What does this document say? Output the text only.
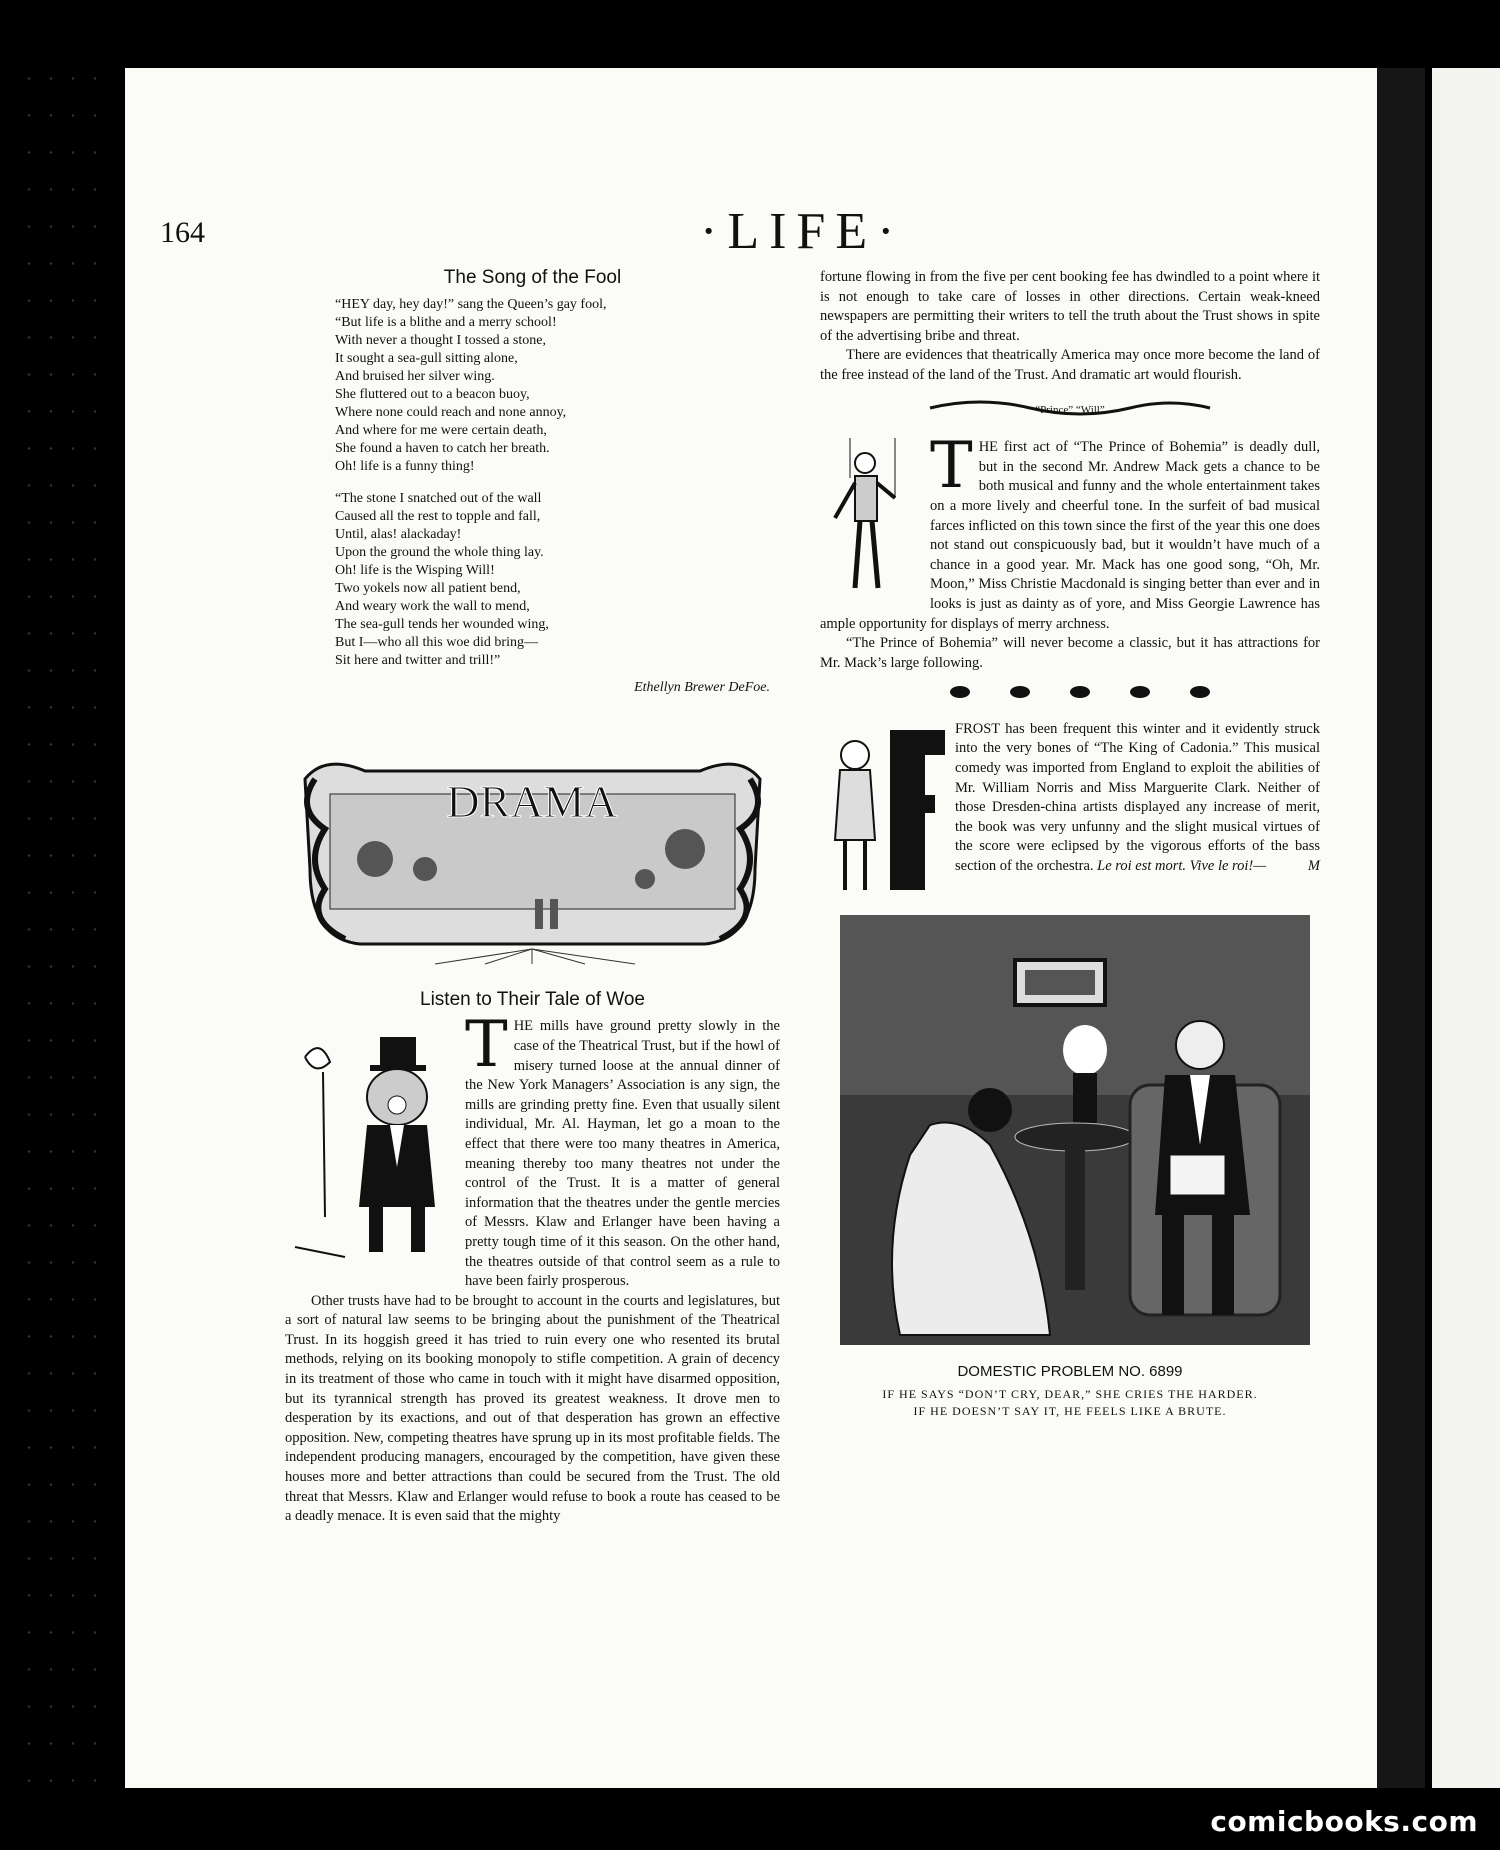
164	·LIFE·
The Song of the Fool

“HEY day, hey day!” sang the Queen’s gay fool,
“But life is a blithe and a merry school!
With never a thought I tossed a stone,
It sought a sea-gull sitting alone,
And bruised her silver wing.
She fluttered out to a beacon buoy,
Where none could reach and none annoy,
And where for me were certain death,
She found a haven to catch her breath.
Oh! life is a funny thing!

“The stone I snatched out of the wall
Caused all the rest to topple and fall,
Until, alas! alackaday!
Upon the ground the whole thing lay.
Oh! life is the Wisping Will!
Two yokels now all patient bend,
And weary work the wall to mend,
The sea-gull tends her wounded wing,
But I—who all this woe did bring—
Sit here and twitter and trill!”

Ethellyn Brewer DeFoe.

DRAMA
Listen to Their Tale of Woe

THE mills have ground pretty slowly in the case of the Theatrical Trust, but if the howl of misery turned loose at the annual dinner of the New York Managers’ Association is any sign, the mills are grinding pretty fine. Even that usually silent individual, Mr. Al. Hayman, let go a moan to the effect that there were too many theatres in America, meaning thereby too many theatres not under the control of the Trust. It is a matter of general information that the theatres under the gentle mercies of Messrs. Klaw and Erlanger have been having a pretty tough time of it this season. On the other hand, the theatres outside of that control seem as a rule to have been fairly prosperous.

Other trusts have had to be brought to account in the courts and legislatures, but a sort of natural law seems to be bringing about the punishment of the Theatrical Trust. In its hoggish greed it has tried to ruin every one who resented its brutal methods, relying on its booking monopoly to stifle competition. A grain of decency in its treatment of those who came in touch with it might have disarmed opposition, but its tyrannical strength has proved its greatest weakness. It drove men to desperation by its exactions, and out of that desperation has grown an effective opposition. New, competing theatres have sprung up in its most profitable fields. The independent producing managers, encouraged by the competition, have given these houses more and better attractions than could be secured from the Trust. The old threat that Messrs. Klaw and Erlanger would refuse to book a route has ceased to be a deadly menace. It is even said that the mighty

fortune flowing in from the five per cent booking fee has dwindled to a point where it is not enough to take care of losses in other directions. Certain weak-kneed newspapers are permitting their writers to tell the truth about the Trust shows in spite of the advertising bribe and threat.

There are evidences that theatrically America may once more become the land of the free instead of the land of the Trust. And dramatic art would flourish.

“Prince” “Will”

THE first act of “The Prince of Bohemia” is deadly dull, but in the second Mr. Andrew Mack gets a chance to be both musical and funny and the whole entertainment takes on a more lively and cheerful tone. In the surfeit of bad musical farces inflicted on this town since the first of the year this one does not stand out conspicuously bad, but it wouldn’t have much of a chance in a good year. Mr. Mack has one good song, “Oh, Mr. Moon,” Miss Christie Macdonald is singing better than ever and in looks is just as dainty as of yore, and Miss Georgie Lawrence has ample opportunity for displays of merry archness.

“The Prince of Bohemia” will never become a classic, but it has attractions for Mr. Mack’s large following.

FROST has been frequent this winter and it evidently struck into the very bones of “The King of Cadonia.” This musical comedy was imported from England to exploit the abilities of Mr. William Norris and Miss Marguerite Clark. Neither of those Dresden-china artists displayed any increase of merit, the book was very unfunny and the slight musical virtues of the score were eclipsed by the vigorous efforts of the bass section of the orchestra. Le roi est mort. Vive le roi!—	M

DOMESTIC PROBLEM NO. 6899

IF HE SAYS “DON’T CRY, DEAR,” SHE CRIES THE HARDER.

IF HE DOESN’T SAY IT, HE FEELS LIKE A BRUTE.

comicbooks.com
